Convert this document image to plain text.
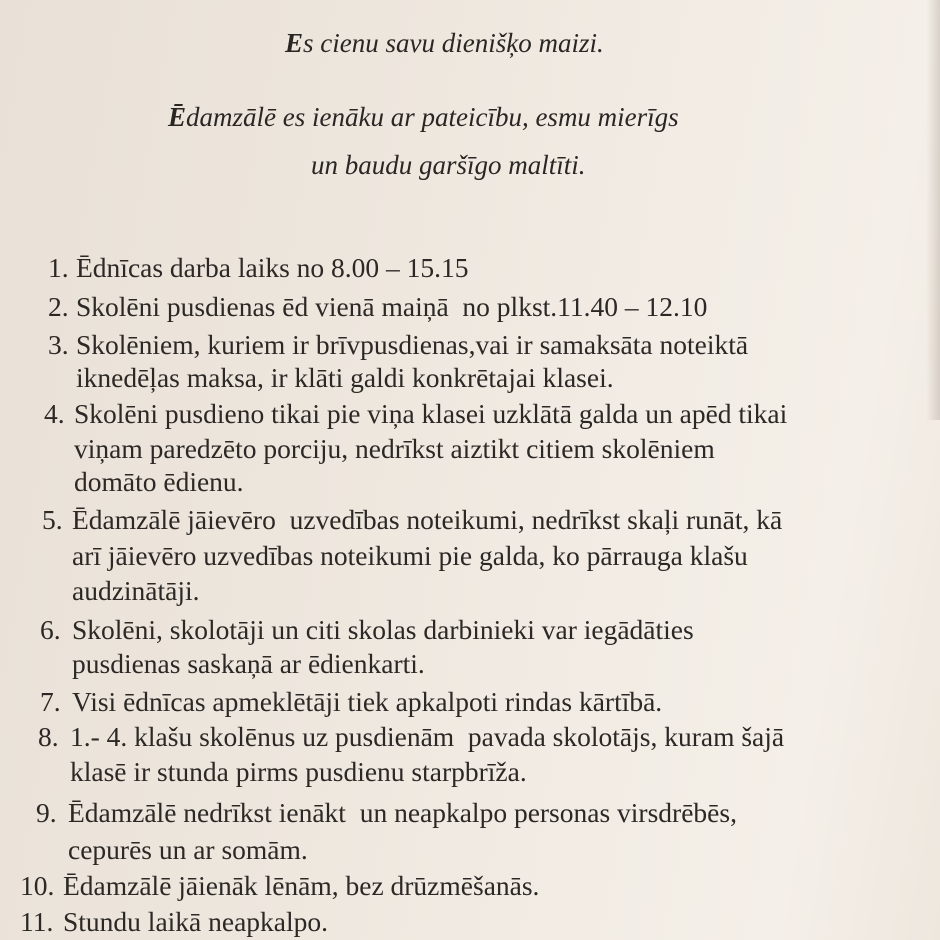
Es cienu savu dienišķo maizi.
Ēdamzālē es ienāku ar pateicību, esmu mierīgs
un baudu garšīgo maltīti.
1. Ēdnīcas darba laiks no 8.00 – 15.15
2. Skolēni pusdienas ēd vienā maiņā  no plkst.11.40 – 12.10
3. Skolēniem, kuriem ir brīvpusdienas,vai ir samaksāta noteiktā
iknedēļas maksa, ir klāti galdi konkrētajai klasei.
4. Skolēni pusdieno tikai pie viņa klasei uzklātā galda un apēd tikai
viņam paredzēto porciju, nedrīkst aiztikt citiem skolēniem
domāto ēdienu.
5. Ēdamzālē jāievēro  uzvedības noteikumi, nedrīkst skaļi runāt, kā
arī jāievēro uzvedības noteikumi pie galda, ko pārrauga klašu
audzinātāji.
6. Skolēni, skolotāji un citi skolas darbinieki var iegādāties
pusdienas saskaņā ar ēdienkarti.
7. Visi ēdnīcas apmeklētāji tiek apkalpoti rindas kārtībā.
8. 1.- 4. klašu skolēnus uz pusdienām  pavada skolotājs, kuram šajā
klasē ir stunda pirms pusdienu starpbrīža.
9. Ēdamzālē nedrīkst ienākt  un neapkalpo personas virsdrēbēs,
cepurēs un ar somām.
10. Ēdamzālē jāienāk lēnām, bez drūzmēšanās.
11. Stundu laikā neapkalpo.
